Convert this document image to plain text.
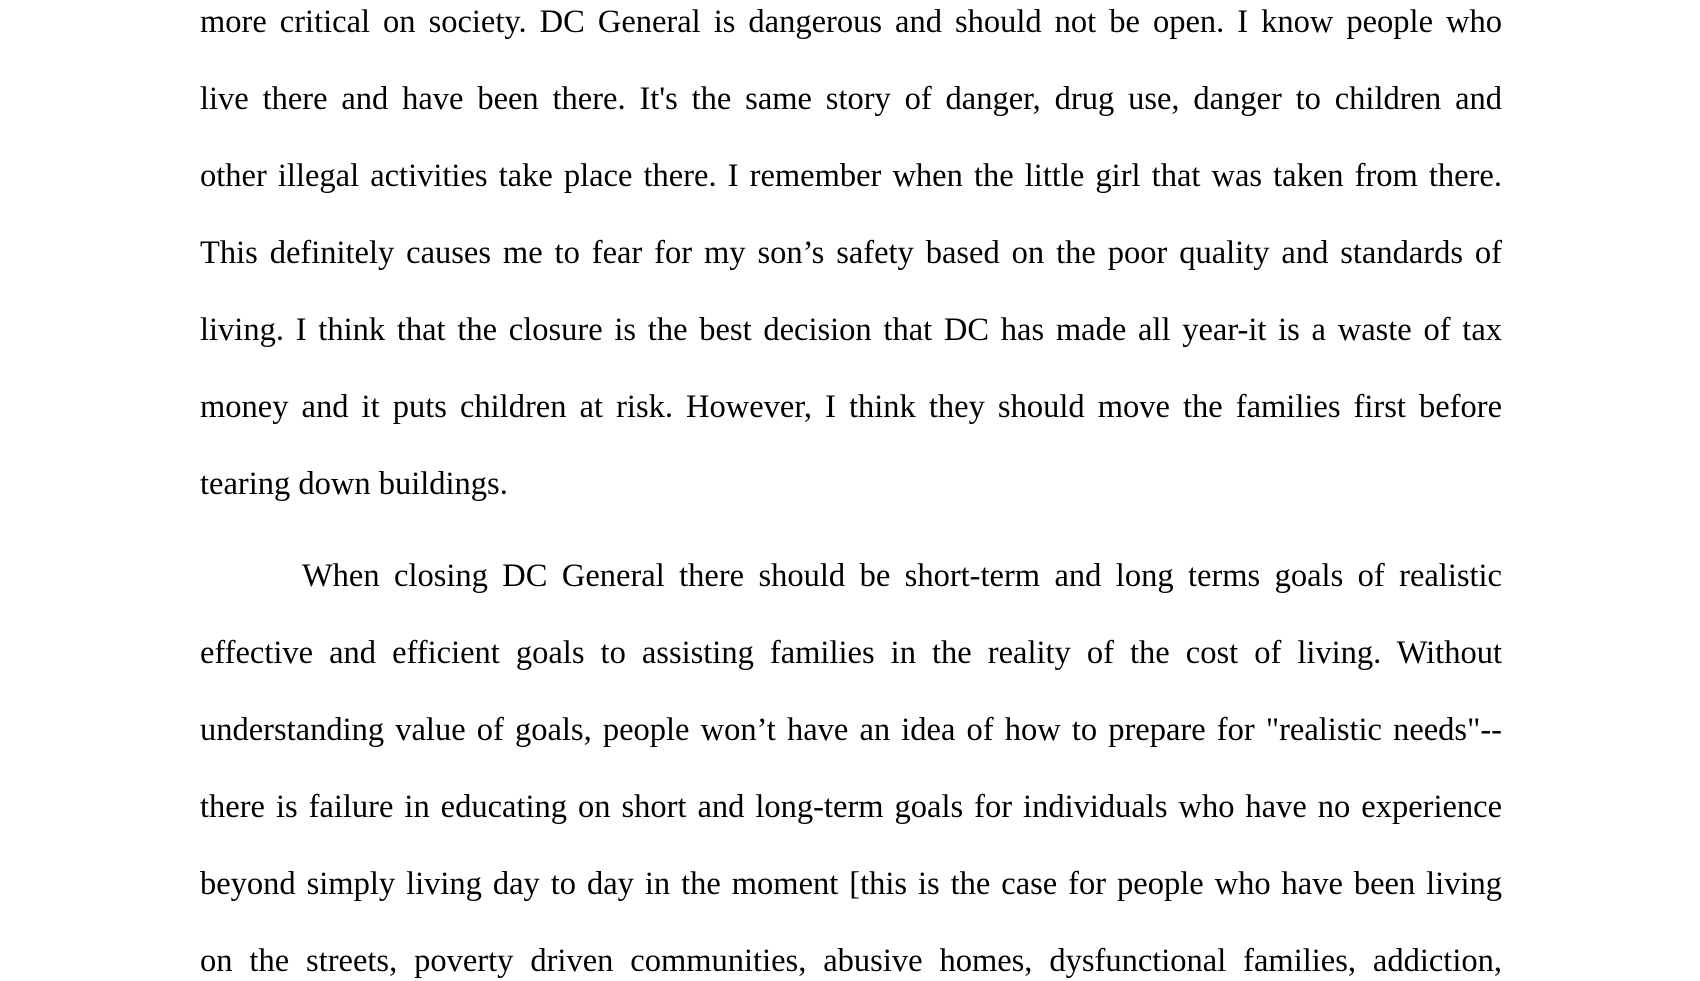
more critical on society. DC General is dangerous and should not be open. I know people who
live there and have been there. It's the same story of danger, drug use, danger to children and
other illegal activities take place there. I remember when the little girl that was taken from there.
This definitely causes me to fear for my son’s safety based on the poor quality and standards of
living. I think that the closure is the best decision that DC has made all year-it is a waste of tax
money and it puts children at risk. However, I think they should move the families first before
tearing down buildings.
When closing DC General there should be short-term and long terms goals of realistic
effective and efficient goals to assisting families in the reality of the cost of living. Without
understanding value of goals, people won’t have an idea of how to prepare for "realistic needs"--
there is failure in educating on short and long-term goals for individuals who have no experience
beyond simply living day to day in the moment [this is the case for people who have been living
on the streets, poverty driven communities, abusive homes, dysfunctional families, addiction,
